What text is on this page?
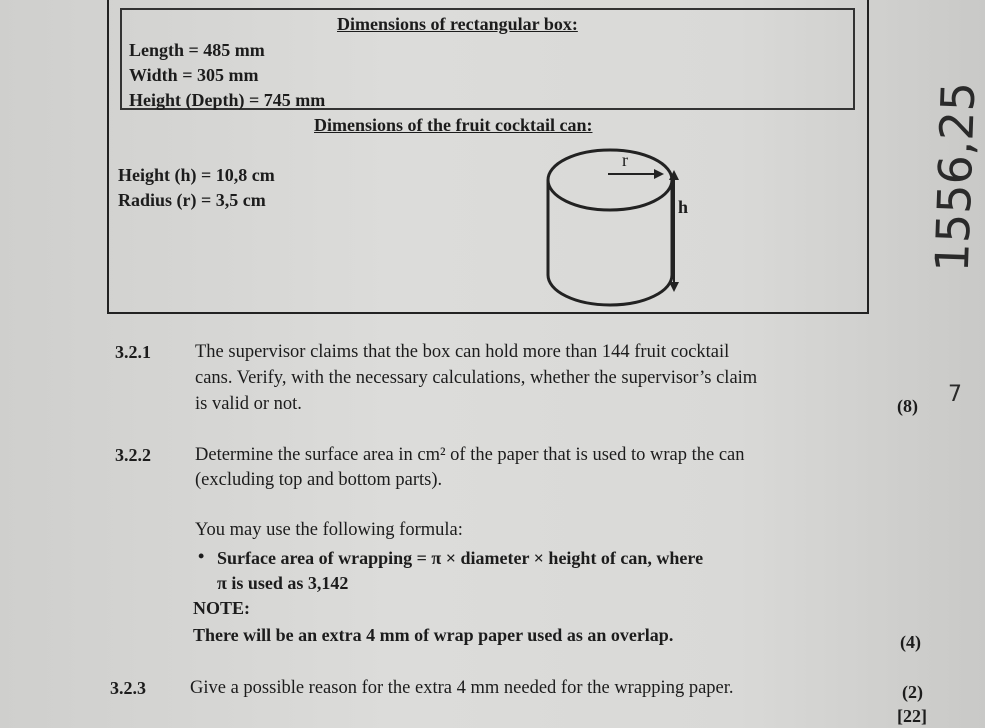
Dimensions of rectangular box:
Length = 485 mm
Width = 305 mm
Height (Depth) = 745 mm
Dimensions of the fruit cocktail can:
Height (h) = 10,8 cm
Radius (r) = 3,5 cm
r
h	1556,25
7
3.2.1 The supervisor claims that the box can hold more than 144 fruit cocktail
cans. Verify, with the necessary calculations, whether the supervisor’s claim
is valid or not.	(8)
3.2.2 Determine the surface area in cm² of the paper that is used to wrap the can
(excluding top and bottom parts).
You may use the following formula:
• Surface area of wrapping = π × diameter × height of can, where
π is used as 3,142
NOTE:
There will be an extra 4 mm of wrap paper used as an overlap.	(4)
3.2.3 Give a possible reason for the extra 4 mm needed for the wrapping paper.	(2)
[22]
